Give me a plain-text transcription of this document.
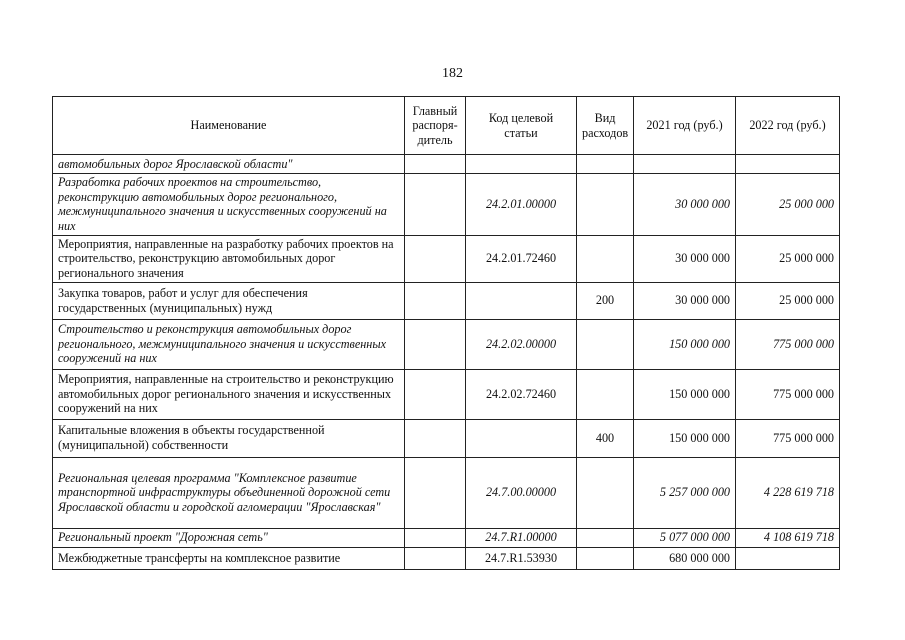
182
Наименование	Главный распоря- дитель	Код целевой статьи	Вид расходов	2021 год (руб.)	2022 год (руб.)
автомобильных дорог Ярославской области"					
Разработка рабочих проектов на строительство, реконструкцию автомобильных дорог регионального, межмуниципального значения и искусственных сооружений на них		24.2.01.00000		30 000 000	25 000 000
Мероприятия, направленные на разработку рабочих проектов на строительство, реконструкцию автомобильных дорог регионального значения		24.2.01.72460		30 000 000	25 000 000
Закупка товаров, работ и услуг для обеспечения государственных (муниципальных) нужд			200	30 000 000	25 000 000
Строительство и реконструкция автомобильных дорог регионального, межмуниципального значения и искусственных сооружений на них		24.2.02.00000		150 000 000	775 000 000
Мероприятия, направленные на строительство и реконструкцию автомобильных дорог регионального значения и искусственных сооружений на них		24.2.02.72460		150 000 000	775 000 000
Капитальные вложения в объекты государственной (муниципальной) собственности			400	150 000 000	775 000 000
Региональная целевая программа "Комплексное развитие транспортной инфраструктуры объединенной дорожной сети Ярославской области и городской агломерации "Ярославская"		24.7.00.00000		5 257 000 000	4 228 619 718
Региональный проект "Дорожная сеть"		24.7.R1.00000		5 077 000 000	4 108 619 718
Межбюджетные трансферты на комплексное развитие		24.7.R1.53930		680 000 000	
